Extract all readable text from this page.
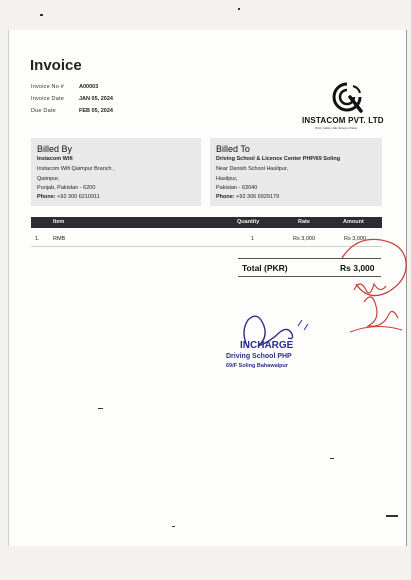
Invoice
Invoice No #	A00003
Invoice Date	JAN 05, 2024
Due Date	FEB 05, 2024
INSTACOM PVT. LTD
Wi-Fi Cable Olas Solemn Paste
Billed By
Instacom Wifi
Instacom Wifi Qaimpur Branch ,
Qaimpur,
Punjab, Pakistan - 6200
Phone: +92 300 6210911
Billed To
Driving School & Licence Center PHP/69 Soling
Near Danish School Hasilpur,
Hasilpur,
Pakistan - 63040
Phone: +92 306 6929179
Item	Quantity	Rate	Amount
1. RMB	1	Rs 3,000	Rs 3,000
Total (PKR)	Rs 3,000
INCHARGE
Driving School PHP
69/F Soling Bahawalpur
